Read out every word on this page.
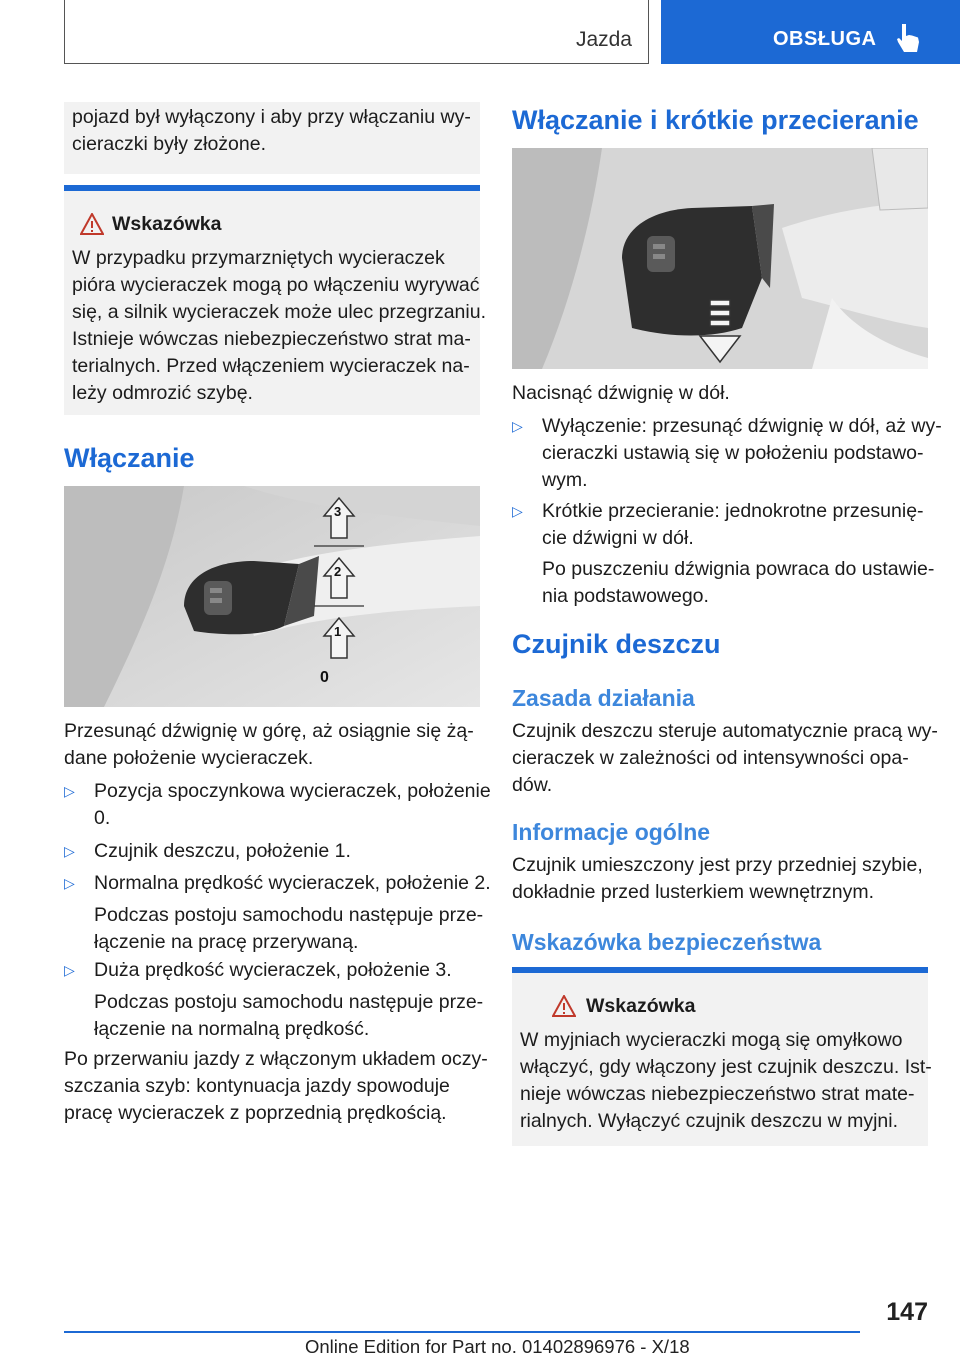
Jazda	OBSŁUGA

pojazd był wyłączony i aby przy włączaniu wy-

cieraczki były złożone.

Wskazówka

W przypadku przymarzniętych wycieraczek

pióra wycieraczek mogą po włączeniu wyrywać

się, a silnik wycieraczek może ulec przegrzaniu.

Istnieje wówczas niebezpieczeństwo strat ma-

terialnych. Przed włączeniem wycieraczek na-

leży odmrozić szybę.

Włączanie
3
2
1
0

Przesunąć dźwignię w górę, aż osiągnie się żą-

dane położenie wycieraczek.

▷ Pozycja spoczynkowa wycieraczek, położenie
0.
▷ Czujnik deszczu, położenie 1.
▷ Normalna prędkość wycieraczek, położenie 2.
Podczas postoju samochodu następuje prze-
łączenie na pracę przerywaną.
▷ Duża prędkość wycieraczek, położenie 3.
Podczas postoju samochodu następuje prze-
łączenie na normalną prędkość.

Po przerwaniu jazdy z włączonym układem oczy-

szczania szyb: kontynuacja jazdy spowoduje

pracę wycieraczek z poprzednią prędkością.

Włączanie i krótkie przecieranie

Nacisnąć dźwignię w dół.

▷ Wyłączenie: przesunąć dźwignię w dół, aż wy-
cieraczki ustawią się w położeniu podstawo-
wym.
▷ Krótkie przecieranie: jednokrotne przesunię-
cie dźwigni w dół.
Po puszczeniu dźwignia powraca do ustawie-
nia podstawowego.
Czujnik deszczu
Zasada działania

Czujnik deszczu steruje automatycznie pracą wy-

cieraczek w zależności od intensywności opa-

dów.

Informacje ogólne

Czujnik umieszczony jest przy przedniej szybie,

dokładnie przed lusterkiem wewnętrznym.

Wskazówka bezpieczeństwa
Wskazówka

W myjniach wycieraczki mogą się omyłkowo

włączyć, gdy włączony jest czujnik deszczu. Ist-

nieje wówczas niebezpieczeństwo strat mate-

rialnych. Wyłączyć czujnik deszczu w myjni.

147
Online Edition for Part no. 01402896976 - X/18
